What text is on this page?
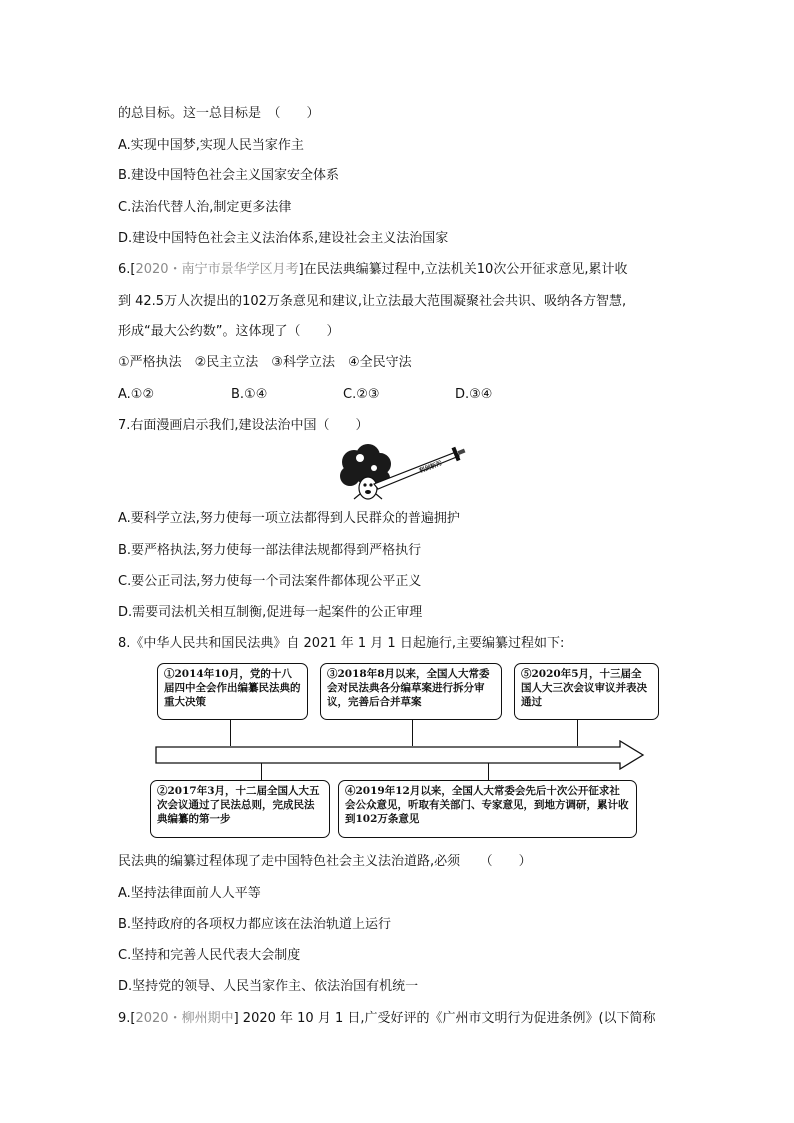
的总目标。这一总目标是　（　　）
A.实现中国梦,实现人民当家作主
B.建设中国特色社会主义国家安全体系
C.法治代替人治,制定更多法律
D.建设中国特色社会主义法治体系,建设社会主义法治国家
6.[2020・南宁市景华学区月考]在民法典编纂过程中,立法机关10次公开征求意见,累计收
到 42.5万人次提出的102万条意见和建议,让立法最大范围凝聚社会共识、吸纳各方智慧,
形成“最大公约数”。这体现了（　　）
①严格执法　②民主立法　③科学立法　④全民守法
A.①②	B.①④	C.②③	D.③④
7.右面漫画启示我们,建设法治中国（　　）
利剑斩污
A.要科学立法,努力使每一项立法都得到人民群众的普遍拥护
B.要严格执法,努力使每一部法律法规都得到严格执行
C.要公正司法,努力使每一个司法案件都体现公平正义
D.需要司法机关相互制衡,促进每一起案件的公正审理
8.《中华人民共和国民法典》自 2021 年 1 月 1 日起施行,主要编纂过程如下:
①2014年10月，党的十八届四中全会作出编纂民法典的重大决策
③2018年8月以来，全国人大常委会对民法典各分编草案进行拆分审议，完善后合并草案
⑤2020年5月，十三届全国人大三次会议审议并表决通过
②2017年3月，十二届全国人大五次会议通过了民法总则，完成民法典编纂的第一步
④2019年12月以来，全国人大常委会先后十次公开征求社会公众意见，听取有关部门、专家意见，到地方调研，累计收到102万条意见
民法典的编纂过程体现了走中国特色社会主义法治道路,必须　　（　　）
A.坚持法律面前人人平等
B.坚持政府的各项权力都应该在法治轨道上运行
C.坚持和完善人民代表大会制度
D.坚持党的领导、人民当家作主、依法治国有机统一
9.[2020・柳州期中] 2020 年 10 月 1 日,广受好评的《广州市文明行为促进条例》(以下简称
